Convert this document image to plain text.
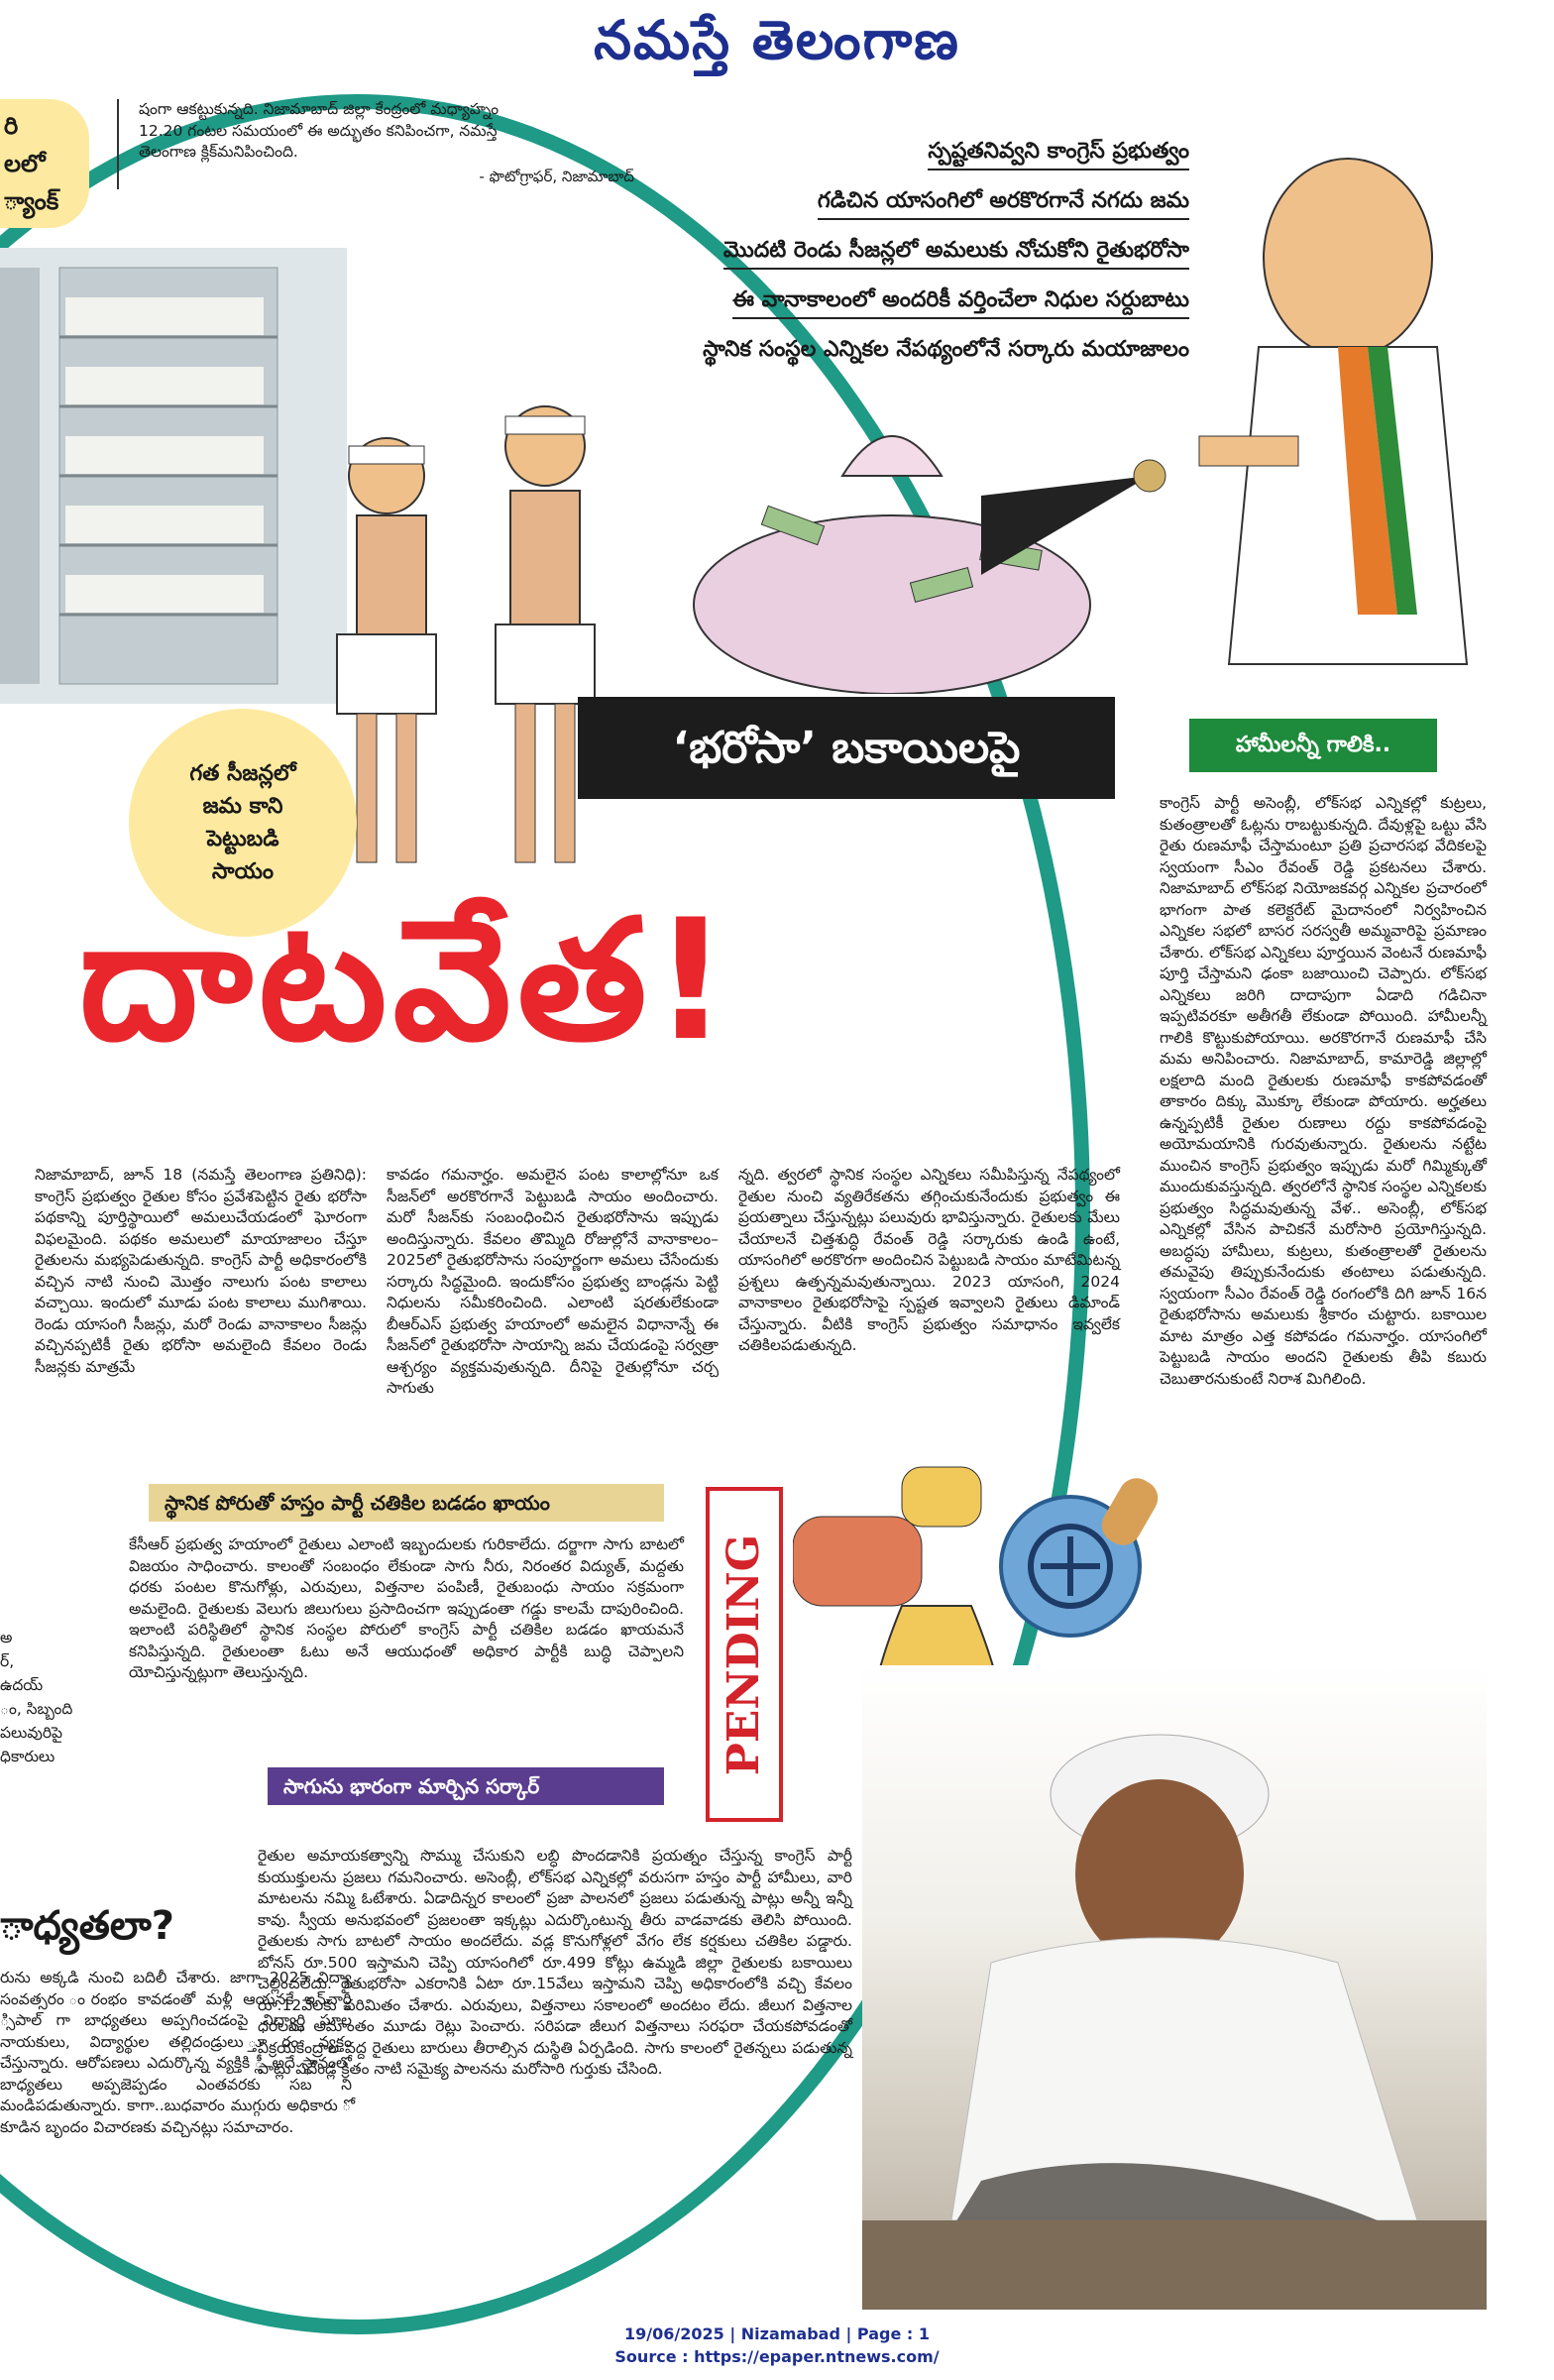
నమస్తే తెలంగాణ
రి
లలో
్యాంక్
షంగా ఆకట్టుకున్నది. నిజామాబాద్ జిల్లా కేంద్రంలో మధ్యాహ్నం
12.20 గంటల సమయంలో ఈ అద్భుతం కనిపించగా, నమస్తే
తెలంగాణ క్లిక్‌మనిపించింది.
- ఫొటోగ్రాఫర్, నిజామాబాద్
స్పష్టతనివ్వని కాంగ్రెస్ ప్రభుత్వం
గడిచిన యాసంగిలో అరకొరగానే నగదు జమ
మొదటి రెండు సీజన్లలో అమలుకు నోచుకోని రైతుభరోసా
ఈ వానాకాలంలో అందరికీ వర్తించేలా నిధుల సర్దుబాటు
స్థానిక సంస్థల ఎన్నికల నేపథ్యంలోనే సర్కారు మయాజాలం
గత సీజన్లలో
జమ కాని
పెట్టుబడి
సాయం
‘భరోసా’ బకాయిలపై	హామీలన్నీ గాలికి..
దాటవేత!
కాంగ్రెస్ పార్టీ అసెంబ్లీ, లోక్‌సభ ఎన్నికల్లో కుట్రలు, కుతంత్రాలతో ఓట్లను రాబట్టుకున్నది. దేవుళ్లపై ఒట్టు వేసి రైతు రుణమాఫీ చేస్తామంటూ ప్రతి ప్రచారసభ వేదికలపై స్వయంగా సీఎం రేవంత్ రెడ్డి ప్రకటనలు చేశారు. నిజామాబాద్ లోక్‌సభ నియోజకవర్గ ఎన్నికల ప్రచారంలో భాగంగా పాత కలెక్టరేట్ మైదానంలో నిర్వహించిన ఎన్నికల సభలో బాసర సరస్వతీ అమ్మవారిపై ప్రమాణం చేశారు. లోక్‌సభ ఎన్నికలు పూర్తయిన వెంటనే రుణమాఫీ పూర్తి చేస్తామని ఢంకా బజాయించి చెప్పారు. లోక్‌సభ ఎన్నికలు జరిగి దాదాపుగా ఏడాది గడిచినా ఇప్పటివరకూ అతీగతీ లేకుండా పోయింది. హామీలన్నీ గాలికి కొట్టుకుపోయాయి. అరకొరగానే రుణమాఫీ చేసి మమ అనిపించారు. నిజామాబాద్, కామారెడ్డి జిల్లాల్లో లక్షలాది మంది రైతులకు రుణమాఫీ కాకపోవడంతో తాకారం దిక్కు మొక్కూ లేకుండా పోయారు. అర్హతలు ఉన్నప్పటికీ రైతుల రుణాలు రద్దు కాకపోవడంపై అయోమయానికి గురవుతున్నారు. రైతులను నట్టేట ముంచిన కాంగ్రెస్ ప్రభుత్వం ఇప్పుడు మరో గిమ్మిక్కుతో ముందుకువస్తున్నది. త్వరలోనే స్థానిక సంస్థల ఎన్నికలకు ప్రభుత్వం సిద్ధమవుతున్న వేళ.. అసెంబ్లీ, లోక్‌సభ ఎన్నికల్లో వేసిన పాచికనే మరోసారి ప్రయోగిస్తున్నది. అబద్ధపు హామీలు, కుట్రలు, కుతంత్రాలతో రైతులను తమవైపు తిప్పుకునేందుకు తంటాలు పడుతున్నది. స్వయంగా సీఎం రేవంత్ రెడ్డి రంగంలోకి దిగి జూన్ 16న రైతుభరోసాను అమలుకు శ్రీకారం చుట్టారు. బకాయిల మాట మాత్రం ఎత్త కపోవడం గమనార్హం. యాసంగిలో పెట్టుబడి సాయం అందని రైతులకు తీపి కబురు చెబుతారనుకుంటే నిరాశ మిగిలింది.
నిజామాబాద్, జూన్ 18 (నమస్తే తెలంగాణ ప్రతినిధి): కాంగ్రెస్ ప్రభుత్వం రైతుల కోసం ప్రవేశపెట్టిన రైతు భరోసా పథకాన్ని పూర్తిస్థాయిలో అమలుచేయడంలో ఘోరంగా విఫలమైంది. పథకం అమలులో మాయాజాలం చేస్తూ రైతులను మభ్యపెడుతున్నది. కాంగ్రెస్ పార్టీ అధికారంలోకి వచ్చిన నాటి నుంచి మొత్తం నాలుగు పంట కాలాలు వచ్చాయి. ఇందులో మూడు పంట కాలాలు ముగిశాయి. రెండు యాసంగి సీజన్లు, మరో రెండు వానాకాలం సీజన్లు వచ్చినప్పటికీ రైతు భరోసా అమలైంది కేవలం రెండు సీజన్లకు మాత్రమే
కావడం గమనార్హం. అమలైన పంట కాలాల్లోనూ ఒక సీజన్‌లో అరకొరగానే పెట్టుబడి సాయం అందించారు. మరో సీజన్‌కు సంబంధించిన రైతుభరోసాను ఇప్పుడు అందిస్తున్నారు. కేవలం తొమ్మిది రోజుల్లోనే వానాకాలం– 2025లో రైతుభరోసాను సంపూర్ణంగా అమలు చేసేందుకు సర్కారు సిద్ధమైంది. ఇందుకోసం ప్రభుత్వ బాండ్లను పెట్టి నిధులను సమీకరించింది. ఎలాంటి షరతులేకుండా బీఆర్‌ఎస్ ప్రభుత్వ హయాంలో అమలైన విధానాన్నే ఈ సీజన్‌లో రైతుభరోసా సాయాన్ని జమ చేయడంపై సర్వత్రా ఆశ్చర్యం వ్యక్తమవుతున్నది. దీనిపై రైతుల్లోనూ చర్చ సాగుతు
న్నది. త్వరలో స్థానిక సంస్థల ఎన్నికలు సమీపిస్తున్న నేపథ్యంలో రైతుల నుంచి వ్యతిరేకతను తగ్గించుకునేందుకు ప్రభుత్వం ఈ ప్రయత్నాలు చేస్తున్నట్లు పలువురు భావిస్తున్నారు. రైతులకు మేలు చేయాలనే చిత్తశుద్ధి రేవంత్ రెడ్డి సర్కారుకు ఉండి ఉంటే, యాసంగిలో అరకొరగా అందించిన పెట్టుబడి సాయం మాటేమిటన్న ప్రశ్నలు ఉత్పన్నమవుతున్నాయి. 2023 యాసంగి, 2024 వానాకాలం రైతుభరోసాపై స్పష్టత ఇవ్వాలని రైతులు డిమాండ్ చేస్తున్నారు. వీటికి కాంగ్రెస్ ప్రభుత్వం సమాధానం ఇవ్వలేక చతికిలపడుతున్నది.
స్థానిక పోరుతో హస్తం పార్టీ చతికిల బడడం ఖాయం
కేసీఆర్ ప్రభుత్వ హయాంలో రైతులు ఎలాంటి ఇబ్బందులకు గురికాలేదు. దర్జాగా సాగు బాటలో విజయం సాధించారు. కాలంతో సంబంధం లేకుండా సాగు నీరు, నిరంతర విద్యుత్, మద్దతు ధరకు పంటల కొనుగోళ్లు, ఎరువులు, విత్తనాల పంపిణీ, రైతుబంధు సాయం సక్రమంగా అమలైంది. రైతులకు వెలుగు జిలుగులు ప్రసాదించగా ఇప్పుడంతా గడ్డు కాలమే దాపురించింది. ఇలాంటి పరిస్థితిలో స్థానిక సంస్థల పోరులో కాంగ్రెస్ పార్టీ చతికిల బడడం ఖాయమనే కనిపిస్తున్నది. రైతులంతా ఓటు అనే ఆయుధంతో అధికార పార్టీకి బుద్ధి చెప్పాలని యోచిస్తున్నట్లుగా తెలుస్తున్నది.
సాగును భారంగా మార్చిన సర్కార్
రైతుల అమాయకత్వాన్ని సొమ్ము చేసుకుని లబ్ధి పొందడానికి ప్రయత్నం చేస్తున్న కాంగ్రెస్ పార్టీ కుయుక్తులను ప్రజలు గమనించారు. అసెంబ్లీ, లోక్‌సభ ఎన్నికల్లో వరుసగా హస్తం పార్టీ హామీలు, వారి మాటలను నమ్మి ఓటేశారు. ఏడాదిన్నర కాలంలో ప్రజా పాలనలో ప్రజలు పడుతున్న పాట్లు అన్నీ ఇన్నీ కావు. స్వీయ అనుభవంలో ప్రజలంతా ఇక్కట్లు ఎదుర్కొంటున్న తీరు వాడవాడకు తెలిసి పోయింది. రైతులకు సాగు బాటలో సాయం అందలేదు. వడ్ల కొనుగోళ్లలో వేగం లేక కర్షకులు చతికిల పడ్డారు. బోనస్ రూ.500 ఇస్తామని చెప్పి యాసంగిలో రూ.499 కోట్లు ఉమ్మడి జిల్లా రైతులకు బకాయిలు చెల్లించలేదు. రైతుభరోసా ఎకరానికి ఏటా రూ.15వేలు ఇస్తామని చెప్పి అధికారంలోకి వచ్చి కేవలం రూ.12వేలకు పరిమితం చేశారు. ఎరువులు, విత్తనాలు సకాలంలో అందటం లేదు. జీలుగ విత్తనాల ధరలను అమాంతం మూడు రెట్లు పెంచారు. సరిపడా జీలుగ విత్తనాలు సరఫరా చేయకపోవడంతో విక్రయకేంద్రాల వద్ద రైతులు బారులు తీరాల్సిన దుస్థితి ఏర్పడింది. సాగు కాలంలో రైతన్నలు పడుతున్న పాట్లు పదేండ్ల క్రితం నాటి సమైక్య పాలనను మరోసారి గుర్తుకు చేసింది.
PENDING
అ
ర్,
ఉదయ్
ం, సిబ్బంది
పలువురిపై
ధికారులు
ాధ్యతలా?
రును అక్కడి నుంచి బదిలీ చేశారు. జాగా 2025 విద్యా సంవత్సరం ంరంభం కావడంతో మళ్లీ ఆయనకే ఇన్‌చార్జి ్సిపాల్ గా బాధ్యతలు అప్పగించడంపై విద్యార్థి ఘాల నాయకులు, విద్యార్థుల తల్లిదండ్రులు ్తూరం వ్యక్తం చేస్తున్నారు. ఆరోపణలు ఎదుర్కొన్న వ్యక్తికి ్లీ అదే స్థానంలో బాధ్యతలు అప్పజెప్పడం ఎంతవరకు సబ ని మండిపడుతున్నారు. కాగా..బుధవారం ముగ్గురు అధికారు ో కూడిన బృందం విచారణకు వచ్చినట్లు సమాచారం.
19/06/2025 | Nizamabad | Page : 1
Source : https://epaper.ntnews.com/
